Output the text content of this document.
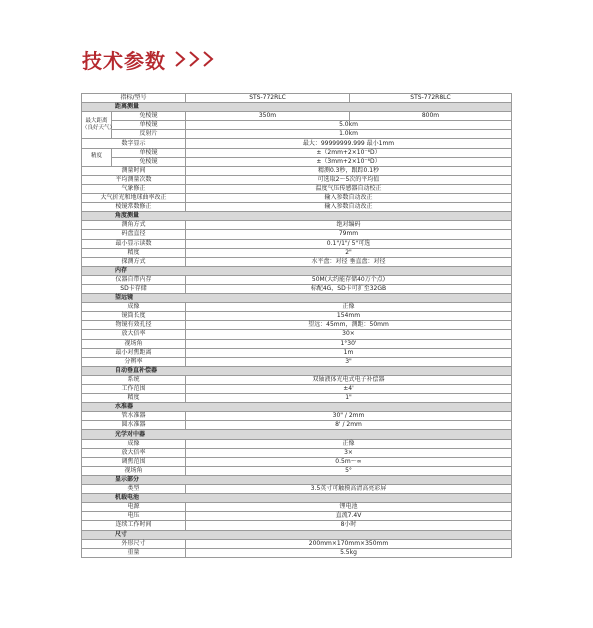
技术参数
指标/型号		STS-772RLC	STS-772R8LC
距离测量			

最大距离
（良好天气）	免棱镜	350m	800m
	单棱镜	5.0km	
	反射片	1.0km	
数字显示		最大：99999999.999 最小1mm	

精度	单棱镜	±（2mm+2×10⁻⁶D）	
	免棱镜	±（3mm+2×10⁻⁶D）	
测量时间		精测0.3秒，跟踪0.1秒	
平均测量次数		可选取2～5次的平均值	
气象修正		温度气压传感器自动校正	
大气折光和地球曲率改正		输入参数自动改正	
棱镜常数修正		输入参数自动改正	
角度测量			
测角方式		绝对编码	
码盘直径		79mm	
最小显示读数		0.1"/1"/ 5"可选	
精度		2"	
探测方式		水平盘：对径 垂直盘：对径	
内存			
仪器自带内存		50M(大约能存储40万个点)	
SD卡存储		标配4G，SD卡可扩至32GB	
望远镜			
成像		正像	
镜筒长度		154mm	
物镜有效孔径		望远：45mm，测距：50mm	
放大倍率		30×	
视场角		1°30'	
最小对焦距离		1m	
分辨率		3"	
自动垂直补偿器			
系统		双轴液体光电式电子补偿器	
工作范围		±4'	
精度		1"	
水准器			
管水准器		30" / 2mm	
圆水准器		8' / 2mm	
光学对中器			
成像		正像	
放大倍率		3×	
调焦范围		0.5m～∞	
视场角		5°	
显示部分			
类型		3.5英寸可触摸高清高亮彩屏	
机载电池			
电源		锂电池	
电压		直流7.4V	
连续工作时间		8小时	
尺寸			
外形尺寸		200mm×170mm×350mm	
重量		5.5kg	
